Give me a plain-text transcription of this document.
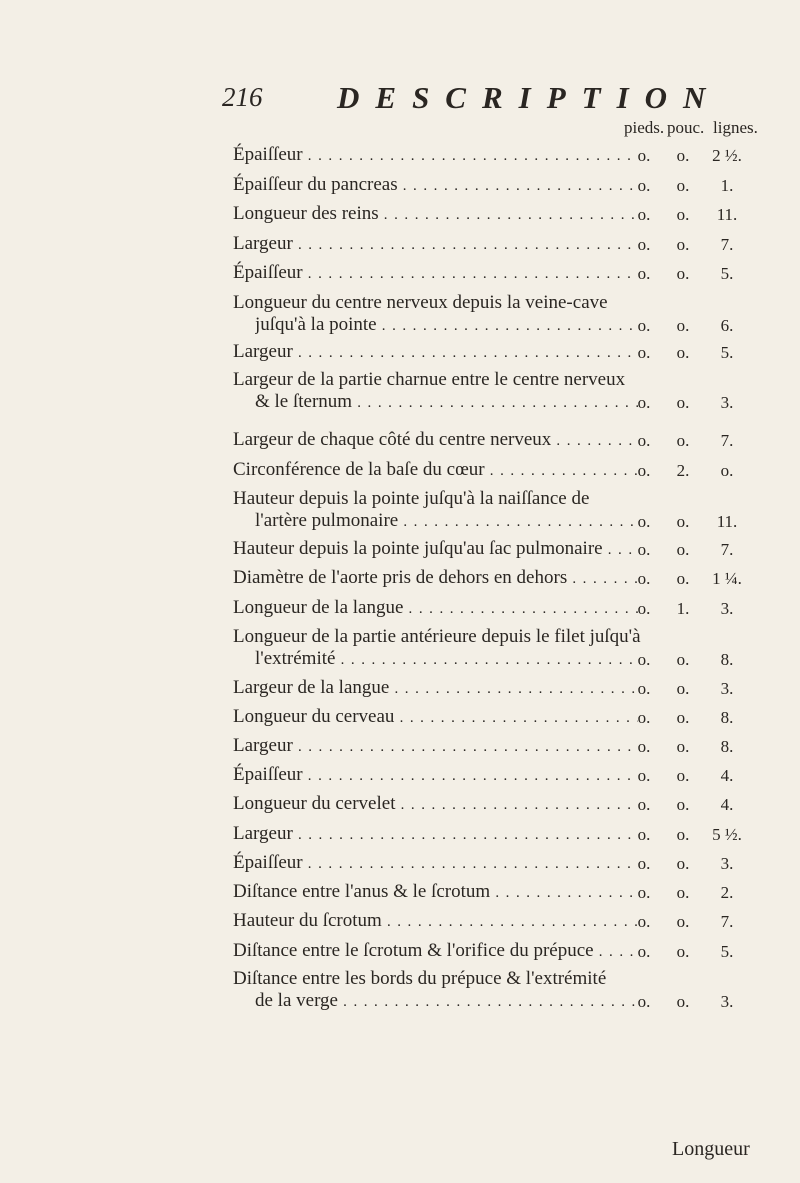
216 DESCRIPTION
pieds. pouc. lignes.
Épaiſſeur . . .	o.	o.	2 ½.
Épaiſſeur du pancreas . . .	o.	o.	1.
Longueur des reins . . .	o.	o.	11.
Largeur . . .	o.	o.	7.
Épaiſſeur . . .	o.	o.	5.
Longueur du centre nerveux depuis la veine-cave
juſqu'à la pointe . . .	o.	o.	6.
Largeur . . .	o.	o.	5.
Largeur de la partie charnue entre le centre nerveux
& le ſternum . . .	o.	o.	3.
Largeur de chaque côté du centre nerveux . . .	o.	o.	7.
Circonférence de la baſe du cœur . . .	o.	2.	o.
Hauteur depuis la pointe juſqu'à la naiſſance de
l'artère pulmonaire . . .	o.	o.	11.
Hauteur depuis la pointe juſqu'au ſac pulmonaire . . .	o.	o.	7.
Diamètre de l'aorte pris de dehors en dehors . . .	o.	o.	1 ¼.
Longueur de la langue . . .	o.	1.	3.
Longueur de la partie antérieure depuis le filet juſqu'à
l'extrémité . . .	o.	o.	8.
Largeur de la langue . . .	o.	o.	3.
Longueur du cerveau . . .	o.	o.	8.
Largeur . . .	o.	o.	8.
Épaiſſeur . . .	o.	o.	4.
Longueur du cervelet . . .	o.	o.	4.
Largeur . . .	o.	o.	5 ½.
Épaiſſeur . . .	o.	o.	3.
Diſtance entre l'anus & le ſcrotum . . .	o.	o.	2.
Hauteur du ſcrotum . . .	o.	o.	7.
Diſtance entre le ſcrotum & l'orifice du prépuce . . .	o.	o.	5.
Diſtance entre les bords du prépuce & l'extrémité
de la verge . . .	o.	o.	3.
Longueur
